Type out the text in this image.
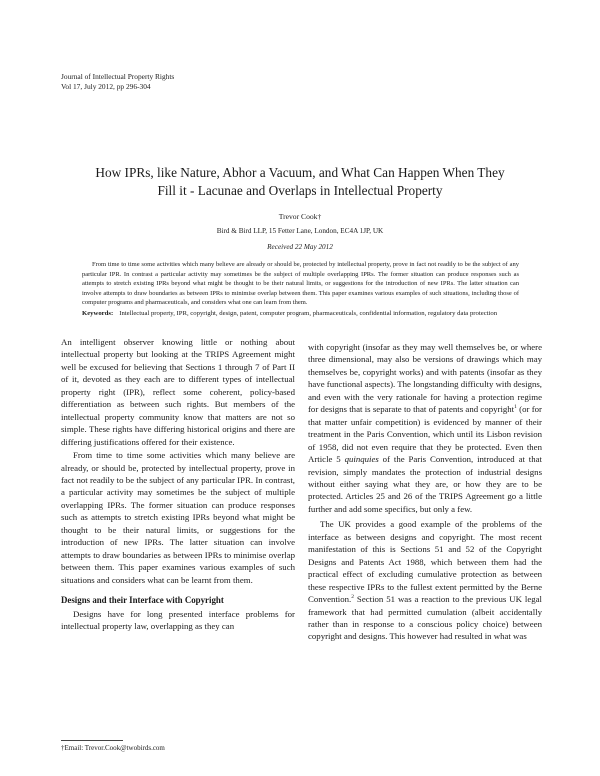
Journal of Intellectual Property Rights
Vol 17, July 2012, pp 296-304
How IPRs, like Nature, Abhor a Vacuum, and What Can Happen When They
Fill it - Lacunae and Overlaps in Intellectual Property
Trevor Cook†
Bird & Bird LLP, 15 Fetter Lane, London, EC4A 1JP, UK
Received 22 May 2012
From time to time some activities which many believe are already or should be, protected by intellectual property, prove in fact not readily to be the subject of any particular IPR. In contrast a particular activity may sometimes be the subject of multiple overlapping IPRs. The former situation can produce responses such as attempts to stretch existing IPRs beyond what might be thought to be their natural limits, or suggestions for the introduction of new IPRs. The latter situation can involve attempts to draw boundaries as between IPRs to minimise overlap between them. This paper examines various examples of such situations, including those of computer programs and pharmaceuticals, and considers what one can learn from them.
Keywords: Intellectual property, IPR, copyright, design, patent, computer program, pharmaceuticals, confidential information, regulatory data protection

An intelligent observer knowing little or nothing about intellectual property but looking at the TRIPS Agreement might well be excused for believing that Sections 1 through 7 of Part II of it, devoted as they each are to different types of intellectual property right (IPR), reflect some coherent, policy-based differentiation as between such rights. But members of the intellectual property community know that matters are not so simple. These rights have differing historical origins and there are differing justifications offered for their existence.

From time to time some activities which many believe are already, or should be, protected by intellectual property, prove in fact not readily to be the subject of any particular IPR. In contrast, a particular activity may sometimes be the subject of multiple overlapping IPRs. The former situation can produce responses such as attempts to stretch existing IPRs beyond what might be thought to be their natural limits, or suggestions for the introduction of new IPRs. The latter situation can involve attempts to draw boundaries as between IPRs to minimise overlap between them. This paper examines various examples of such situations and considers what can be learnt from them.

Designs and their Interface with Copyright

Designs have for long presented interface problems for intellectual property law, overlapping as they can

with copyright (insofar as they may well themselves be, or where three dimensional, may also be versions of drawings which may themselves be, copyright works) and with patents (insofar as they have functional aspects). The longstanding difficulty with designs, and even with the very rationale for having a protection regime for designs that is separate to that of patents and copyright$^1$ (or for that matter unfair competition) is evidenced by manner of their treatment in the Paris Convention, which until its Lisbon revision of 1958, did not even require that they be protected. Even then Article 5 quinquies of the Paris Convention, introduced at that revision, simply mandates the protection of industrial designs without either saying what they are, or how they are to be protected. Articles 25 and 26 of the TRIPS Agreement go a little further and add some specifics, but only a few.

The UK provides a good example of the problems of the interface as between designs and copyright. The most recent manifestation of this is Sections 51 and 52 of the Copyright Designs and Patents Act 1988, which between them had the practical effect of excluding cumulative protection as between these respective IPRs to the fullest extent permitted by the Berne Convention.$^2$ Section 51 was a reaction to the previous UK legal framework that had permitted cumulation (albeit accidentally rather than in response to a conscious policy choice) between copyright and designs. This however had resulted in what was

†Email: Trevor.Cook@twobirds.com
